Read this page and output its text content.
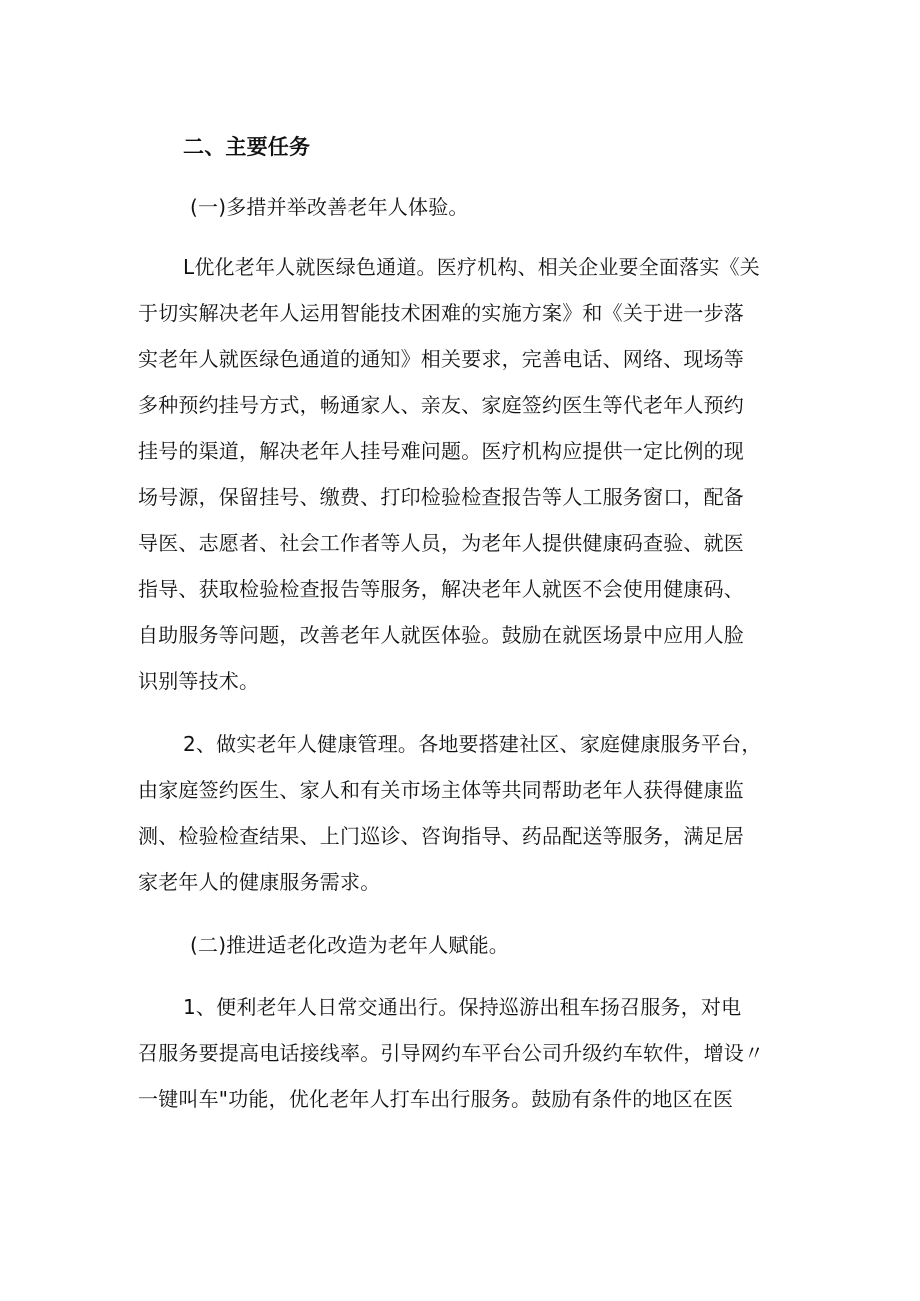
二、主要任务
(一)多措并举改善老年人体验。
L优化老年人就医绿色通道。医疗机构、相关企业要全面落实《关
于切实解决老年人运用智能技术困难的实施方案》和《关于进一步落
实老年人就医绿色通道的通知》相关要求，完善电话、网络、现场等
多种预约挂号方式，畅通家人、亲友、家庭签约医生等代老年人预约
挂号的渠道，解决老年人挂号难问题。医疗机构应提供一定比例的现
场号源，保留挂号、缴费、打印检验检查报告等人工服务窗口，配备
导医、志愿者、社会工作者等人员，为老年人提供健康码查验、就医
指导、获取检验检查报告等服务，解决老年人就医不会使用健康码、
自助服务等问题，改善老年人就医体验。鼓励在就医场景中应用人脸
识别等技术。
2、做实老年人健康管理。各地要搭建社区、家庭健康服务平台，
由家庭签约医生、家人和有关市场主体等共同帮助老年人获得健康监
测、检验检查结果、上门巡诊、咨询指导、药品配送等服务，满足居
家老年人的健康服务需求。
(二)推进适老化改造为老年人赋能。
1、便利老年人日常交通出行。保持巡游出租车扬召服务，对电
召服务要提高电话接线率。引导网约车平台公司升级约车软件，增设〃
一键叫车"功能，优化老年人打车出行服务。鼓励有条件的地区在医
